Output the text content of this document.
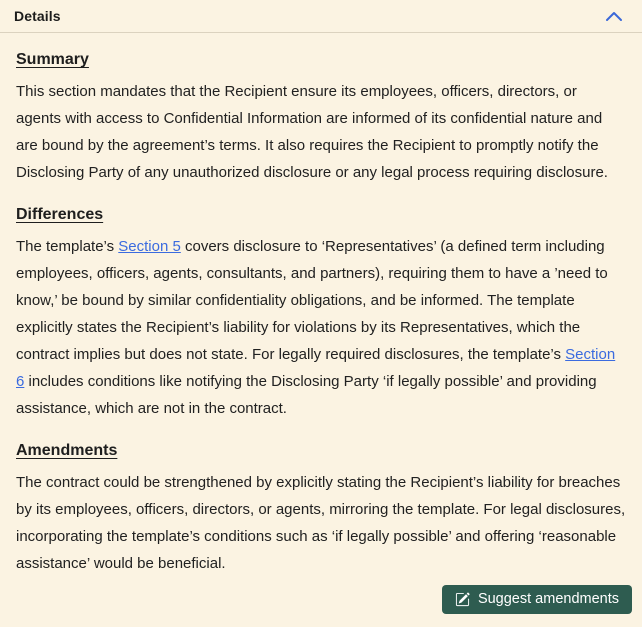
Details
Summary

This section mandates that the Recipient ensure its employees, officers, directors, or agents with access to Confidential Information are informed of its confidential nature and are bound by the agreement’s terms. It also requires the Recipient to promptly notify the Disclosing Party of any unauthorized disclosure or any legal process requiring disclosure.

Differences

The template’s Section 5 covers disclosure to ‘Representatives’ (a defined term including employees, officers, agents, consultants, and partners), requiring them to have a ’need to know,’ be bound by similar confidentiality obligations, and be informed. The template explicitly states the Recipient’s liability for violations by its Representatives, which the contract implies but does not state. For legally required disclosures, the template’s Section 6 includes conditions like notifying the Disclosing Party ‘if legally possible’ and providing assistance, which are not in the contract.

Amendments

The contract could be strengthened by explicitly stating the Recipient’s liability for breaches by its employees, officers, directors, or agents, mirroring the template. For legal disclosures, incorporating the template’s conditions such as ‘if legally possible’ and offering ‘reasonable assistance’ would be beneficial.

Suggest amendments
